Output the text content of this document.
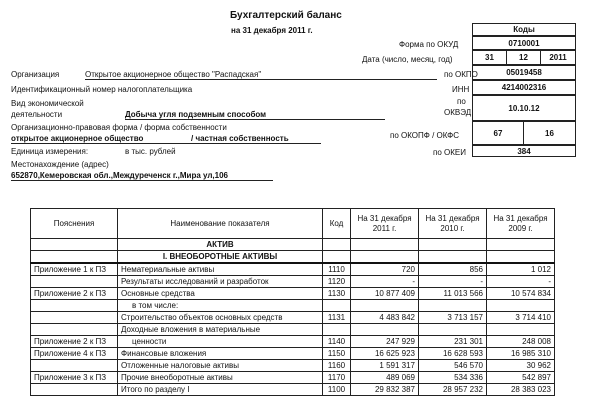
Бухгалтерский баланс
на 31 декабря 2011 г.	Коды
Форма по ОКУД	0710001
Дата (число, месяц, год)	31	12	2011
по ОКПО	05019458
ИНН	4214002316
по
ОКВЭД	10.10.12
по ОКОПФ / ОКФС	67	16
по ОКЕИ	384
Организация	Открытое акционерное общество "Распадская"
Идентификационный номер налогоплательщика
Вид экономической
деятельности	Добыча угля подземным способом
Организационно-правовая форма / форма собственности
открытое акционерное общество	/ частная собственность
Единица измерения:	в тыс. рублей
Местонахождение (адрес)
652870,Кемеровская обл.,Междуреченск г.,Мира ул,106
Пояснения	Наименование показателя	Код	На 31 декабря 2011 г.	На 31 декабря 2010 г.	На 31 декабря 2009 г.
	АКТИВ				
	I. ВНЕОБОРОТНЫЕ АКТИВЫ				
Приложение 1 к ПЗ	Нематериальные активы	1110	720	856	1 012
	Результаты исследований и разработок	1120	-	-	-
Приложение 2 к ПЗ	Основные средства	1130	10 877 409	11 013 566	10 574 834
	в том числе:				
	Строительство объектов основных средств	1131	4 483 842	3 713 157	3 714 410
	Доходные вложения в материальные				
Приложение 2 к ПЗ	ценности	1140	247 929	231 301	248 008
Приложение 4 к ПЗ	Финансовые вложения	1150	16 625 923	16 628 593	16 985 310
	Отложенные налоговые активы	1160	1 591 317	546 570	30 962
Приложение 3 к ПЗ	Прочие внеоборотные активы	1170	489 069	534 336	542 897
	Итого по разделу I	1100	29 832 387	28 957 232	28 383 023
